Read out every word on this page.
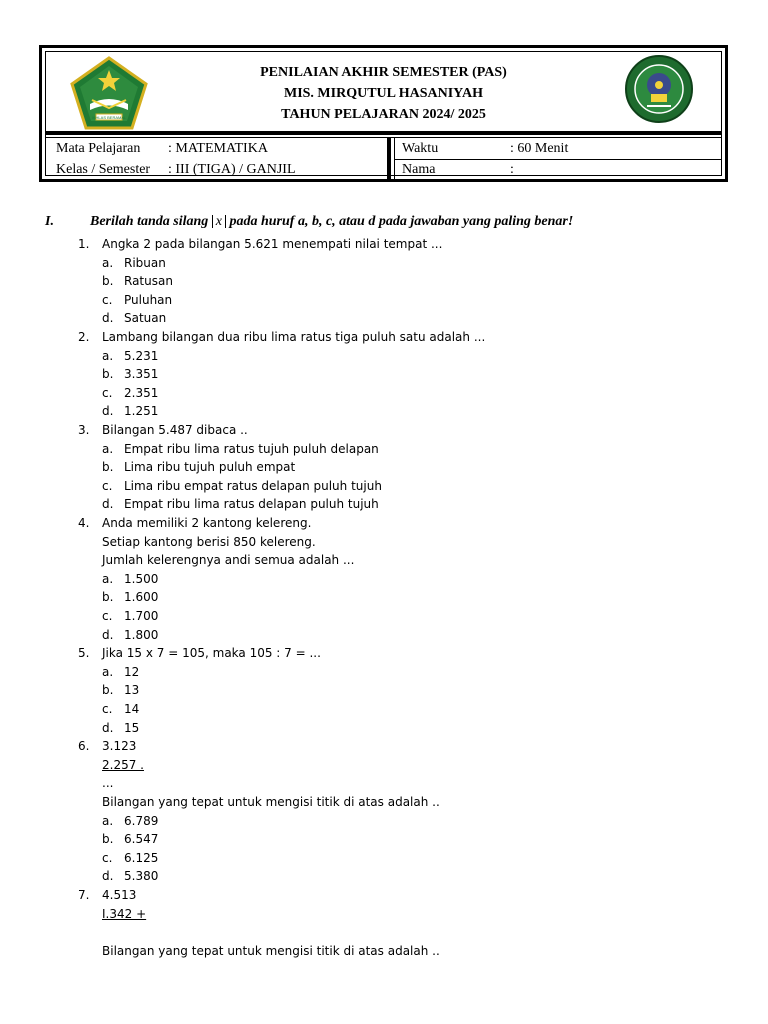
IKHLAS BERAMAL
PENILAIAN AKHIR SEMESTER (PAS)
MIS. MIRQUTUL HASANIYAH
TAHUN PELAJARAN 2024/ 2025
Mata Pelajaran : MATEMATIKA	Waktu	: 60 Menit
Kelas / Semester : III (TIGA) / GANJIL	Nama	:
I.	Berilah tanda silang x pada huruf a, b, c, atau d pada jawaban yang paling benar!
1. Angka 2 pada bilangan 5.621 menempati nilai tempat ...
a. Ribuan
b. Ratusan
c. Puluhan
d. Satuan
2. Lambang bilangan dua ribu lima ratus tiga puluh satu adalah ...
a. 5.231
b. 3.351
c. 2.351
d. 1.251
3. Bilangan 5.487 dibaca ..
a. Empat ribu lima ratus tujuh puluh delapan
b. Lima ribu tujuh puluh empat
c. Lima ribu empat ratus delapan puluh tujuh
d. Empat ribu lima ratus delapan puluh tujuh
4. Anda memiliki 2 kantong kelereng.
Setiap kantong berisi 850 kelereng.
Jumlah kelerengnya andi semua adalah ...
a. 1.500
b. 1.600
c. 1.700
d. 1.800
5. Jika 15 x 7 = 105, maka 105 : 7 = ...
a. 12
b. 13
c. 14
d. 15
6. 3.123
2.257 .
...
Bilangan yang tepat untuk mengisi titik di atas adalah ..
a. 6.789
b. 6.547
c. 6.125
d. 5.380
7. 4.513
I.342 +
Bilangan yang tepat untuk mengisi titik di atas adalah ..
